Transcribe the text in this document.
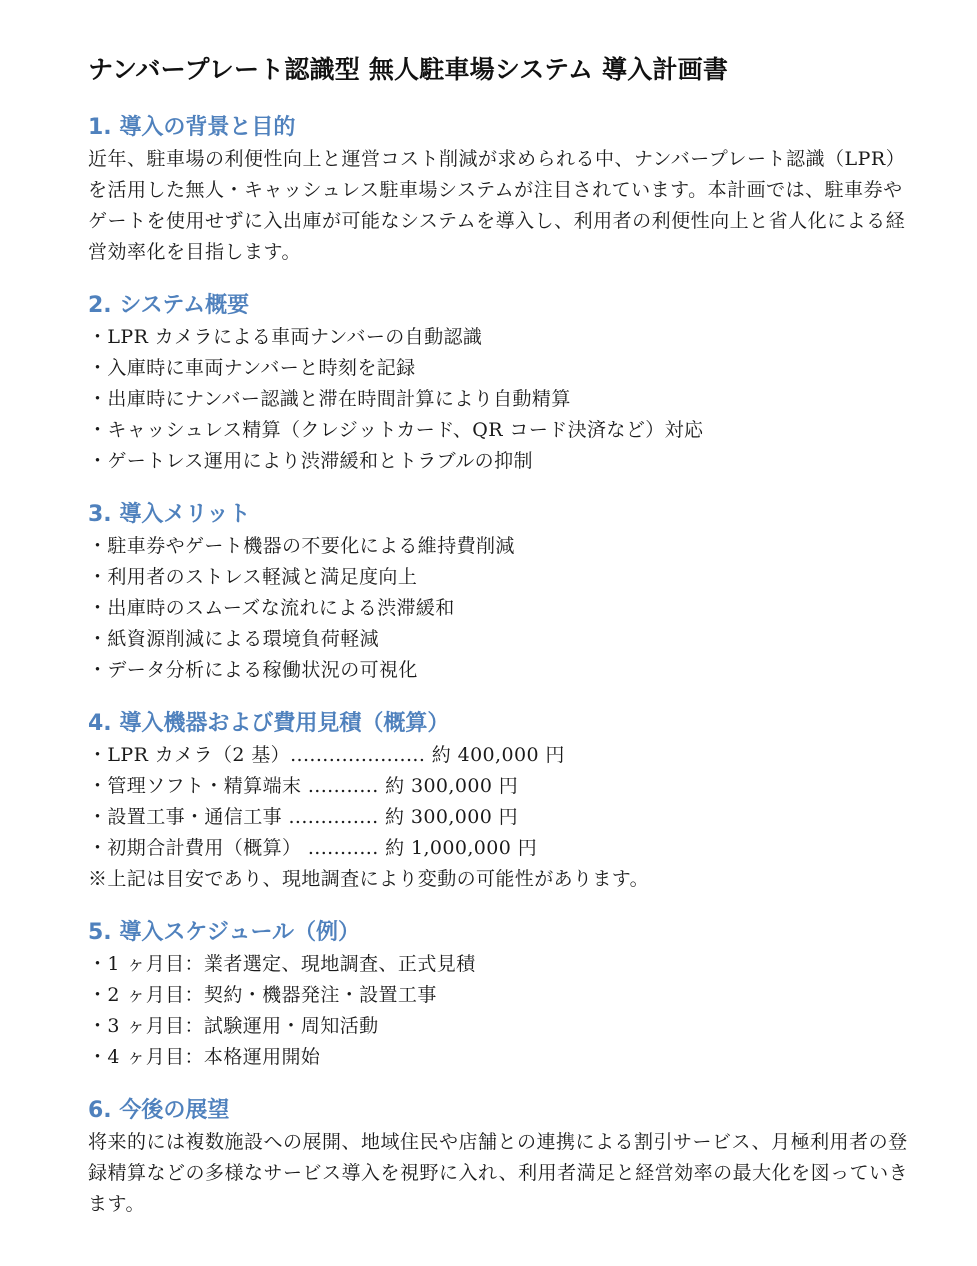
ナンバープレート認識型 無人駐車場システム 導入計画書
1. 導入の背景と目的

近年、駐車場の利便性向上と運営コスト削減が求められる中、ナンバープレート認識（LPR）を活用した無人・キャッシュレス駐車場システムが注目されています。本計画では、駐車券やゲートを使用せずに入出庫が可能なシステムを導入し、利用者の利便性向上と省人化による経営効率化を目指します。

2. システム概要
・LPR カメラによる車両ナンバーの自動認識
・入庫時に車両ナンバーと時刻を記録
・出庫時にナンバー認識と滞在時間計算により自動精算
・キャッシュレス精算（クレジットカード、QR コード決済など）対応
・ゲートレス運用により渋滞緩和とトラブルの抑制
3. 導入メリット
・駐車券やゲート機器の不要化による維持費削減
・利用者のストレス軽減と満足度向上
・出庫時のスムーズな流れによる渋滞緩和
・紙資源削減による環境負荷軽減
・データ分析による稼働状況の可視化
4. 導入機器および費用見積（概算）
・LPR カメラ（2 基）..................... 約 400,000 円
・管理ソフト・精算端末 ........... 約 300,000 円
・設置工事・通信工事 .............. 約 300,000 円
・初期合計費用（概算） ........... 約 1,000,000 円

※上記は目安であり、現地調査により変動の可能性があります。

5. 導入スケジュール（例）
・1 ヶ月目：業者選定、現地調査、正式見積
・2 ヶ月目：契約・機器発注・設置工事
・3 ヶ月目：試験運用・周知活動
・4 ヶ月目：本格運用開始
6. 今後の展望

将来的には複数施設への展開、地域住民や店舗との連携による割引サービス、月極利用者の登録精算などの多様なサービス導入を視野に入れ、利用者満足と経営効率の最大化を図っていきます。
